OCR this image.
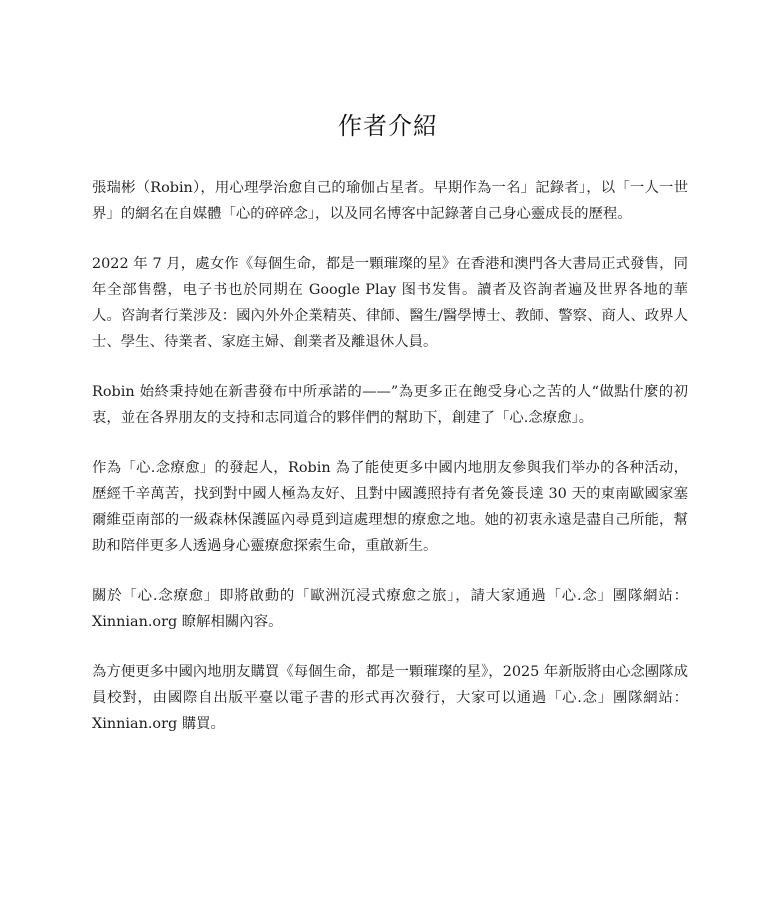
作者介紹

張瑞彬（Robin），用心理學治愈自己的瑜伽占星者。早期作為一名」記錄者」，以「一人一世界」的網名在自媒體「心的碎碎念」，以及同名博客中記錄著自己身心靈成長的歷程。

2022 年 7 月，處女作《每個生命，都是一顆璀璨的星》在香港和澳門各大書局正式發售，同年全部售罄，电子书也於同期在 Google Play 图书发售。讀者及咨詢者遍及世界各地的華人。咨詢者行業涉及：國內外外企業精英、律師、醫生/醫學博士、教師、警察、商人、政界人士、學生、待業者、家庭主婦、創業者及離退休人員。

Robin 始終秉持她在新書發布中所承諾的——”為更多正在飽受身心之苦的人“做點什麼的初衷，並在各界朋友的支持和志同道合的夥伴們的幫助下，創建了「心.念療愈」。

作為「心.念療愈」的發起人，Robin 為了能使更多中國内地朋友參與我们举办的各种活动，歷經千辛萬苦，找到對中國人極為友好、且對中國護照持有者免簽長達 30 天的東南歐國家塞爾維亞南部的一級森林保護區內尋覓到這處理想的療愈之地。她的初衷永遠是盡自己所能，幫助和陪伴更多人透過身心靈療愈探索生命，重啟新生。

關於「心.念療愈」即將啟動的「歐洲沉浸式療愈之旅」，請大家通過「心.念」團隊網站：Xinnian.org 瞭解相關內容。

為方便更多中國內地朋友購買《每個生命，都是一顆璀璨的星》，2025 年新版將由心念團隊成員校對，由國際自出版平臺以電子書的形式再次發行，大家可以通過「心.念」團隊網站：Xinnian.org 購買。
